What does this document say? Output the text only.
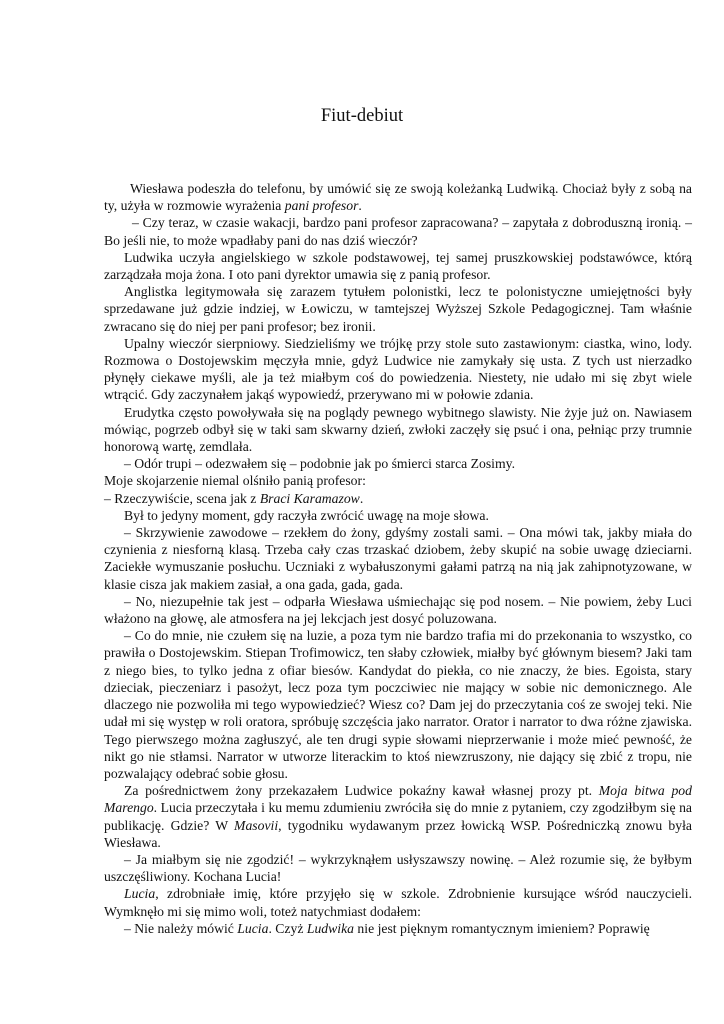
Fiut-debiut

Wiesława podeszła do telefonu, by umówić się ze swoją koleżanką Ludwiką. Chociaż były z sobą na ty, użyła w rozmowie wyrażenia pani profesor.

– Czy teraz, w czasie wakacji, bardzo pani profesor zapracowana? – zapytała z dobroduszną ironią. – Bo jeśli nie, to może wpadłaby pani do nas dziś wieczór?

Ludwika uczyła angielskiego w szkole podstawowej, tej samej pruszkowskiej podstawówce, którą zarządzała moja żona. I oto pani dyrektor umawia się z panią profesor.

Anglistka legitymowała się zarazem tytułem polonistki, lecz te polonistyczne umiejętności były sprzedawane już gdzie indziej, w Łowiczu, w tamtejszej Wyższej Szkole Pedagogicznej. Tam właśnie zwracano się do niej per pani profesor; bez ironii.

Upalny wieczór sierpniowy. Siedzieliśmy we trójkę przy stole suto zastawionym: ciastka, wino, lody. Rozmowa o Dostojewskim męczyła mnie, gdyż Ludwice nie zamykały się usta. Z tych ust nierzadko płynęły ciekawe myśli, ale ja też miałbym coś do powiedzenia. Niestety, nie udało mi się zbyt wiele wtrącić. Gdy zaczynałem jakąś wypowiedź, przerywano mi w połowie zdania.

Erudytka często powoływała się na poglądy pewnego wybitnego slawisty. Nie żyje już on. Nawiasem mówiąc, pogrzeb odbył się w taki sam skwarny dzień, zwłoki zaczęły się psuć i ona, pełniąc przy trumnie honorową wartę, zemdlała.

– Odór trupi – odezwałem się – podobnie jak po śmierci starca Zosimy.

Moje skojarzenie niemal olśniło panią profesor:

– Rzeczywiście, scena jak z Braci Karamazow.

Był to jedyny moment, gdy raczyła zwrócić uwagę na moje słowa.

– Skrzywienie zawodowe – rzekłem do żony, gdyśmy zostali sami. – Ona mówi tak, jakby miała do czynienia z niesforną klasą. Trzeba cały czas trzaskać dziobem, żeby skupić na sobie uwagę dzieciarni. Zaciekłe wymuszanie posłuchu. Uczniaki z wybałuszonymi gałami patrzą na nią jak zahipnotyzowane, w klasie cisza jak makiem zasiał, a ona gada, gada, gada.

– No, niezupełnie tak jest – odparła Wiesława uśmiechając się pod nosem. – Nie powiem, żeby Luci włażono na głowę, ale atmosfera na jej lekcjach jest dosyć poluzowana.

– Co do mnie, nie czułem się na luzie, a poza tym nie bardzo trafia mi do przekonania to wszystko, co prawiła o Dostojewskim. Stiepan Trofimowicz, ten słaby człowiek, miałby być głównym biesem? Jaki tam z niego bies, to tylko jedna z ofiar biesów. Kandydat do piekła, co nie znaczy, że bies. Egoista, stary dzieciak, pieczeniarz i pasożyt, lecz poza tym poczciwiec nie mający w sobie nic demonicznego. Ale dlaczego nie pozwoliła mi tego wypowiedzieć? Wiesz co? Dam jej do przeczytania coś ze swojej teki. Nie udał mi się występ w roli oratora, spróbuję szczęścia jako narrator. Orator i narrator to dwa różne zjawiska. Tego pierwszego można zagłuszyć, ale ten drugi sypie słowami nieprzerwanie i może mieć pewność, że nikt go nie stłamsi. Narrator w utworze literackim to ktoś niewzruszony, nie dający się zbić z tropu, nie pozwalający odebrać sobie głosu.

Za pośrednictwem żony przekazałem Ludwice pokaźny kawał własnej prozy pt. Moja bitwa pod Marengo. Lucia przeczytała i ku memu zdumieniu zwróciła się do mnie z pytaniem, czy zgodziłbym się na publikację. Gdzie? W Masovii, tygodniku wydawanym przez łowicką WSP. Pośredniczką znowu była Wiesława.

– Ja miałbym się nie zgodzić! – wykrzyknąłem usłyszawszy nowinę. – Ależ rozumie się, że byłbym uszczęśliwiony. Kochana Lucia!

Lucia, zdrobniałe imię, które przyjęło się w szkole. Zdrobnienie kursujące wśród nauczycieli. Wymknęło mi się mimo woli, toteż natychmiast dodałem:

– Nie należy mówić Lucia. Czyż Ludwika nie jest pięknym romantycznym imieniem? Poprawię
